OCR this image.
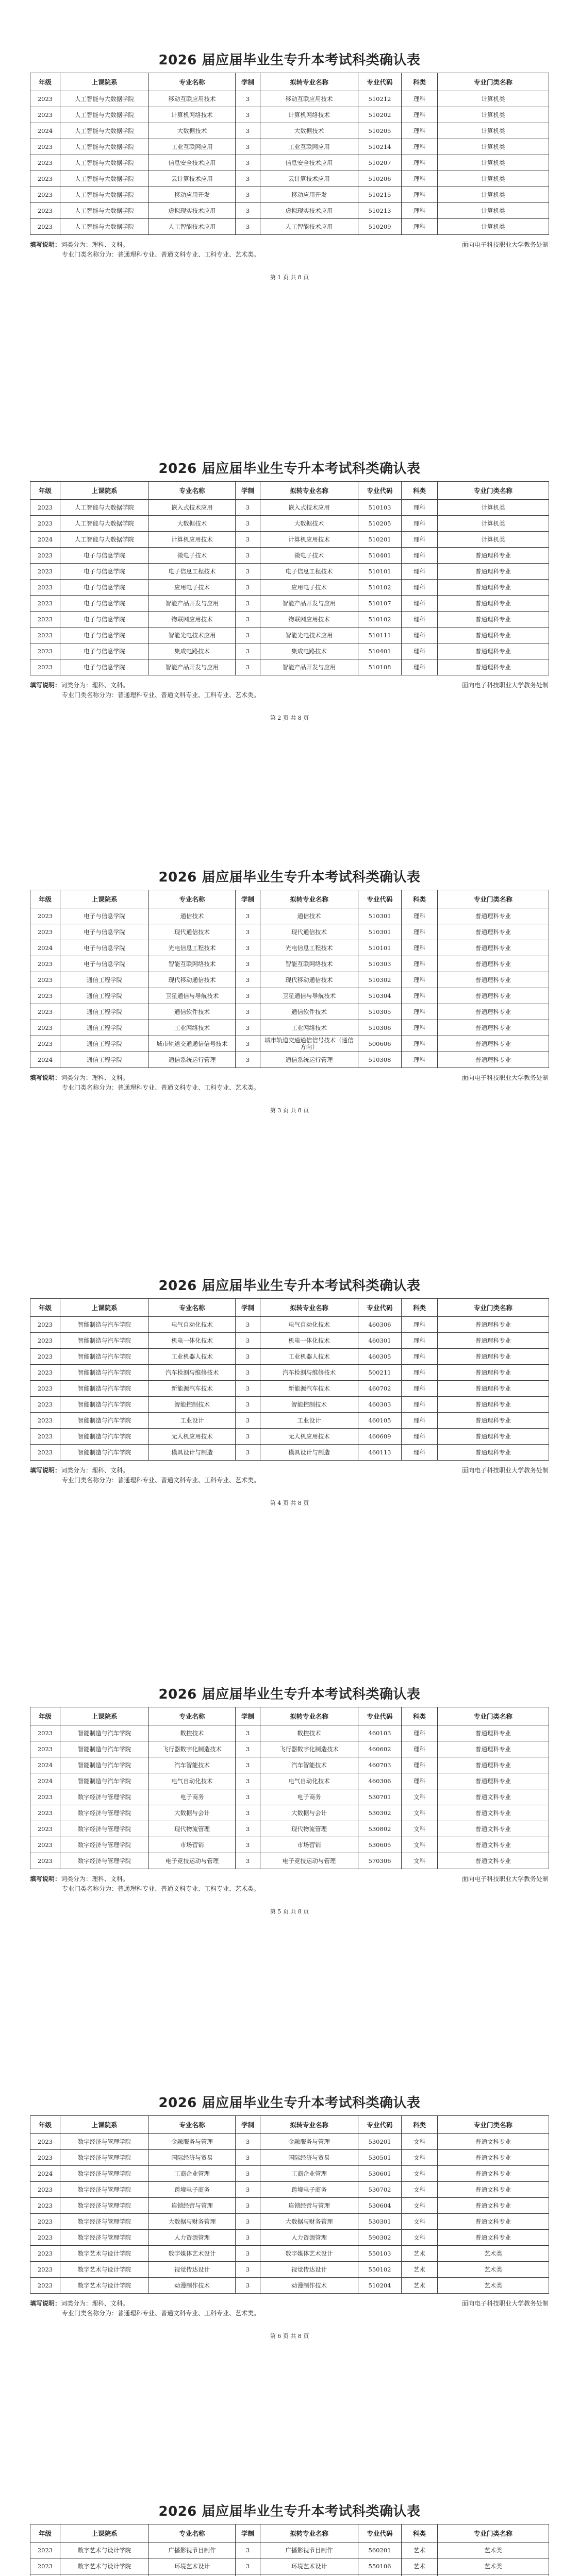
2026 届应届毕业生专升本考试科类确认表
年级	上课院系	专业名称	学制	拟转专业名称	专业代码	科类	专业门类名称
2023	人工智能与大数据学院	移动互联应用技术	3	移动互联应用技术	510212	理科	计算机类
2023	人工智能与大数据学院	计算机网络技术	3	计算机网络技术	510202	理科	计算机类
2024	人工智能与大数据学院	大数据技术	3	大数据技术	510205	理科	计算机类
2023	人工智能与大数据学院	工业互联网应用	3	工业互联网应用	510214	理科	计算机类
2023	人工智能与大数据学院	信息安全技术应用	3	信息安全技术应用	510207	理科	计算机类
2023	人工智能与大数据学院	云计算技术应用	3	云计算技术应用	510206	理科	计算机类
2023	人工智能与大数据学院	移动应用开发	3	移动应用开发	510215	理科	计算机类
2023	人工智能与大数据学院	虚拟现实技术应用	3	虚拟现实技术应用	510213	理科	计算机类
2023	人工智能与大数据学院	人工智能技术应用	3	人工智能技术应用	510209	理科	计算机类
填写说明：词类分为：理科、文科。	面向电子科技职业大学教务处制
专业门类名称分为：普通理科专业、普通文科专业、工科专业、艺术类。
第 1 页 共 8 页
2026 届应届毕业生专升本考试科类确认表
年级	上课院系	专业名称	学制	拟转专业名称	专业代码	科类	专业门类名称
2023	人工智能与大数据学院	嵌入式技术应用	3	嵌入式技术应用	510103	理科	计算机类
2023	人工智能与大数据学院	大数据技术	3	大数据技术	510205	理科	计算机类
2024	人工智能与大数据学院	计算机应用技术	3	计算机应用技术	510201	理科	计算机类
2023	电子与信息学院	微电子技术	3	微电子技术	510401	理科	普通理科专业
2023	电子与信息学院	电子信息工程技术	3	电子信息工程技术	510101	理科	普通理科专业
2023	电子与信息学院	应用电子技术	3	应用电子技术	510102	理科	普通理科专业
2023	电子与信息学院	智能产品开发与应用	3	智能产品开发与应用	510107	理科	普通理科专业
2023	电子与信息学院	物联网应用技术	3	物联网应用技术	510102	理科	普通理科专业
2023	电子与信息学院	智能光电技术应用	3	智能光电技术应用	510111	理科	普通理科专业
2023	电子与信息学院	集成电路技术	3	集成电路技术	510401	理科	普通理科专业
2023	电子与信息学院	智能产品开发与应用	3	智能产品开发与应用	510108	理科	普通理科专业
填写说明：词类分为：理科、文科。	面向电子科技职业大学教务处制
专业门类名称分为：普通理科专业、普通文科专业、工科专业、艺术类。
第 2 页 共 8 页
2026 届应届毕业生专升本考试科类确认表
年级	上课院系	专业名称	学制	拟转专业名称	专业代码	科类	专业门类名称
2023	电子与信息学院	通信技术	3	通信技术	510301	理科	普通理科专业
2023	电子与信息学院	现代通信技术	3	现代通信技术	510301	理科	普通理科专业
2024	电子与信息学院	光电信息工程技术	3	光电信息工程技术	510101	理科	普通理科专业
2023	电子与信息学院	智能互联网络技术	3	智能互联网络技术	510303	理科	普通理科专业
2023	通信工程学院	现代移动通信技术	3	现代移动通信技术	510302	理科	普通理科专业
2023	通信工程学院	卫星通信与导航技术	3	卫星通信与导航技术	510304	理科	普通理科专业
2023	通信工程学院	通信软件技术	3	通信软件技术	510305	理科	普通理科专业
2023	通信工程学院	工业网络技术	3	工业网络技术	510306	理科	普通理科专业
2023	通信工程学院	城市轨道交通通信信号技术	3	城市轨道交通通信信号技术（通信方向）	500606	理科	普通理科专业
2024	通信工程学院	通信系统运行管理	3	通信系统运行管理	510308	理科	普通理科专业
填写说明：词类分为：理科、文科。	面向电子科技职业大学教务处制
专业门类名称分为：普通理科专业、普通文科专业、工科专业、艺术类。
第 3 页 共 8 页
2026 届应届毕业生专升本考试科类确认表
年级	上课院系	专业名称	学制	拟转专业名称	专业代码	科类	专业门类名称
2023	智能制造与汽车学院	电气自动化技术	3	电气自动化技术	460306	理科	普通理科专业
2023	智能制造与汽车学院	机电一体化技术	3	机电一体化技术	460301	理科	普通理科专业
2023	智能制造与汽车学院	工业机器人技术	3	工业机器人技术	460305	理科	普通理科专业
2023	智能制造与汽车学院	汽车检测与维修技术	3	汽车检测与维修技术	500211	理科	普通理科专业
2023	智能制造与汽车学院	新能源汽车技术	3	新能源汽车技术	460702	理科	普通理科专业
2023	智能制造与汽车学院	智能控制技术	3	智能控制技术	460303	理科	普通理科专业
2023	智能制造与汽车学院	工业设计	3	工业设计	460105	理科	普通理科专业
2023	智能制造与汽车学院	无人机应用技术	3	无人机应用技术	460609	理科	普通理科专业
2023	智能制造与汽车学院	模具设计与制造	3	模具设计与制造	460113	理科	普通理科专业
填写说明：词类分为：理科、文科。	面向电子科技职业大学教务处制
专业门类名称分为：普通理科专业、普通文科专业、工科专业、艺术类。
第 4 页 共 8 页
2026 届应届毕业生专升本考试科类确认表
年级	上课院系	专业名称	学制	拟转专业名称	专业代码	科类	专业门类名称
2023	智能制造与汽车学院	数控技术	3	数控技术	460103	理科	普通理科专业
2023	智能制造与汽车学院	飞行器数字化制造技术	3	飞行器数字化制造技术	460602	理科	普通理科专业
2024	智能制造与汽车学院	汽车智能技术	3	汽车智能技术	460703	理科	普通理科专业
2024	智能制造与汽车学院	电气自动化技术	3	电气自动化技术	460306	理科	普通理科专业
2023	数字经济与管理学院	电子商务	3	电子商务	530701	文科	普通文科专业
2023	数字经济与管理学院	大数据与会计	3	大数据与会计	530302	文科	普通文科专业
2023	数字经济与管理学院	现代物流管理	3	现代物流管理	530802	文科	普通文科专业
2023	数字经济与管理学院	市场营销	3	市场营销	530605	文科	普通文科专业
2023	数字经济与管理学院	电子竞技运动与管理	3	电子竞技运动与管理	570306	文科	普通文科专业
填写说明：词类分为：理科、文科。	面向电子科技职业大学教务处制
专业门类名称分为：普通理科专业、普通文科专业、工科专业、艺术类。
第 5 页 共 8 页
2026 届应届毕业生专升本考试科类确认表
年级	上课院系	专业名称	学制	拟转专业名称	专业代码	科类	专业门类名称
2023	数字经济与管理学院	金融服务与管理	3	金融服务与管理	530201	文科	普通文科专业
2023	数字经济与管理学院	国际经济与贸易	3	国际经济与贸易	530501	文科	普通文科专业
2024	数字经济与管理学院	工商企业管理	3	工商企业管理	530601	文科	普通文科专业
2023	数字经济与管理学院	跨境电子商务	3	跨境电子商务	530702	文科	普通文科专业
2023	数字经济与管理学院	连锁经营与管理	3	连锁经营与管理	530604	文科	普通文科专业
2023	数字经济与管理学院	大数据与财务管理	3	大数据与财务管理	530301	文科	普通文科专业
2023	数字经济与管理学院	人力资源管理	3	人力资源管理	590302	文科	普通文科专业
2023	数字艺术与设计学院	数字媒体艺术设计	3	数字媒体艺术设计	550103	艺术	艺术类
2023	数字艺术与设计学院	视觉传达设计	3	视觉传达设计	550102	艺术	艺术类
2023	数字艺术与设计学院	动漫制作技术	3	动漫制作技术	510204	艺术	艺术类
填写说明：词类分为：理科、文科。	面向电子科技职业大学教务处制
专业门类名称分为：普通理科专业、普通文科专业、工科专业、艺术类。
第 6 页 共 8 页
2026 届应届毕业生专升本考试科类确认表
年级	上课院系	专业名称	学制	拟转专业名称	专业代码	科类	专业门类名称
2023	数字艺术与设计学院	广播影视节目制作	3	广播影视节目制作	560201	艺术	艺术类
2023	数字艺术与设计学院	环境艺术设计	3	环境艺术设计	550106	艺术	艺术类
